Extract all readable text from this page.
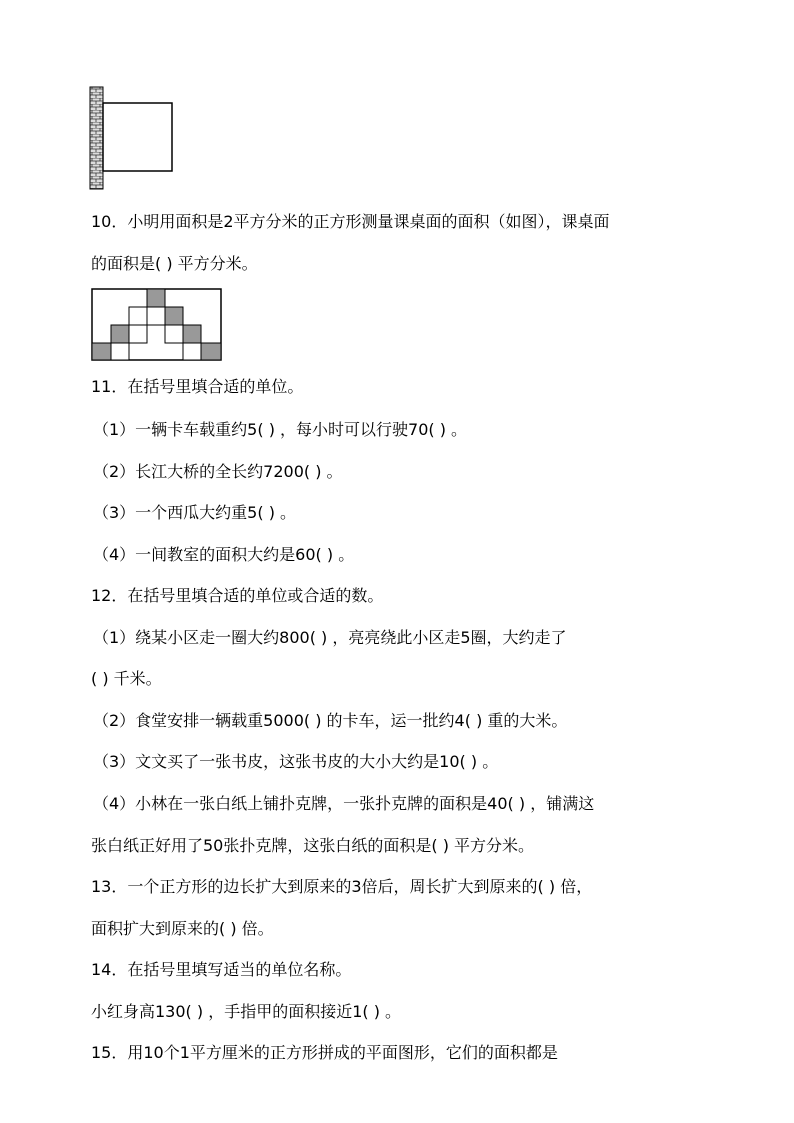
10．小明用面积是2平方分米的正方形测量课桌面的面积（如图），课桌面
的面积是( ) 平方分米。
11．在括号里填合适的单位。
（1）一辆卡车载重约5( ) ，每小时可以行驶70( ) 。
（2）长江大桥的全长约7200( ) 。
（3）一个西瓜大约重5( ) 。
（4）一间教室的面积大约是60( ) 。
12．在括号里填合适的单位或合适的数。
（1）绕某小区走一圈大约800( ) ，亮亮绕此小区走5圈，大约走了
( ) 千米。
（2）食堂安排一辆载重5000( ) 的卡车，运一批约4( ) 重的大米。
（3）文文买了一张书皮，这张书皮的大小大约是10( ) 。
（4）小林在一张白纸上铺扑克牌，一张扑克牌的面积是40( ) ，铺满这
张白纸正好用了50张扑克牌，这张白纸的面积是( ) 平方分米。
13．一个正方形的边长扩大到原来的3倍后，周长扩大到原来的( ) 倍，
面积扩大到原来的( ) 倍。
14．在括号里填写适当的单位名称。
小红身高130( ) ，手指甲的面积接近1( ) 。
15．用10个1平方厘米的正方形拼成的平面图形，它们的面积都是
